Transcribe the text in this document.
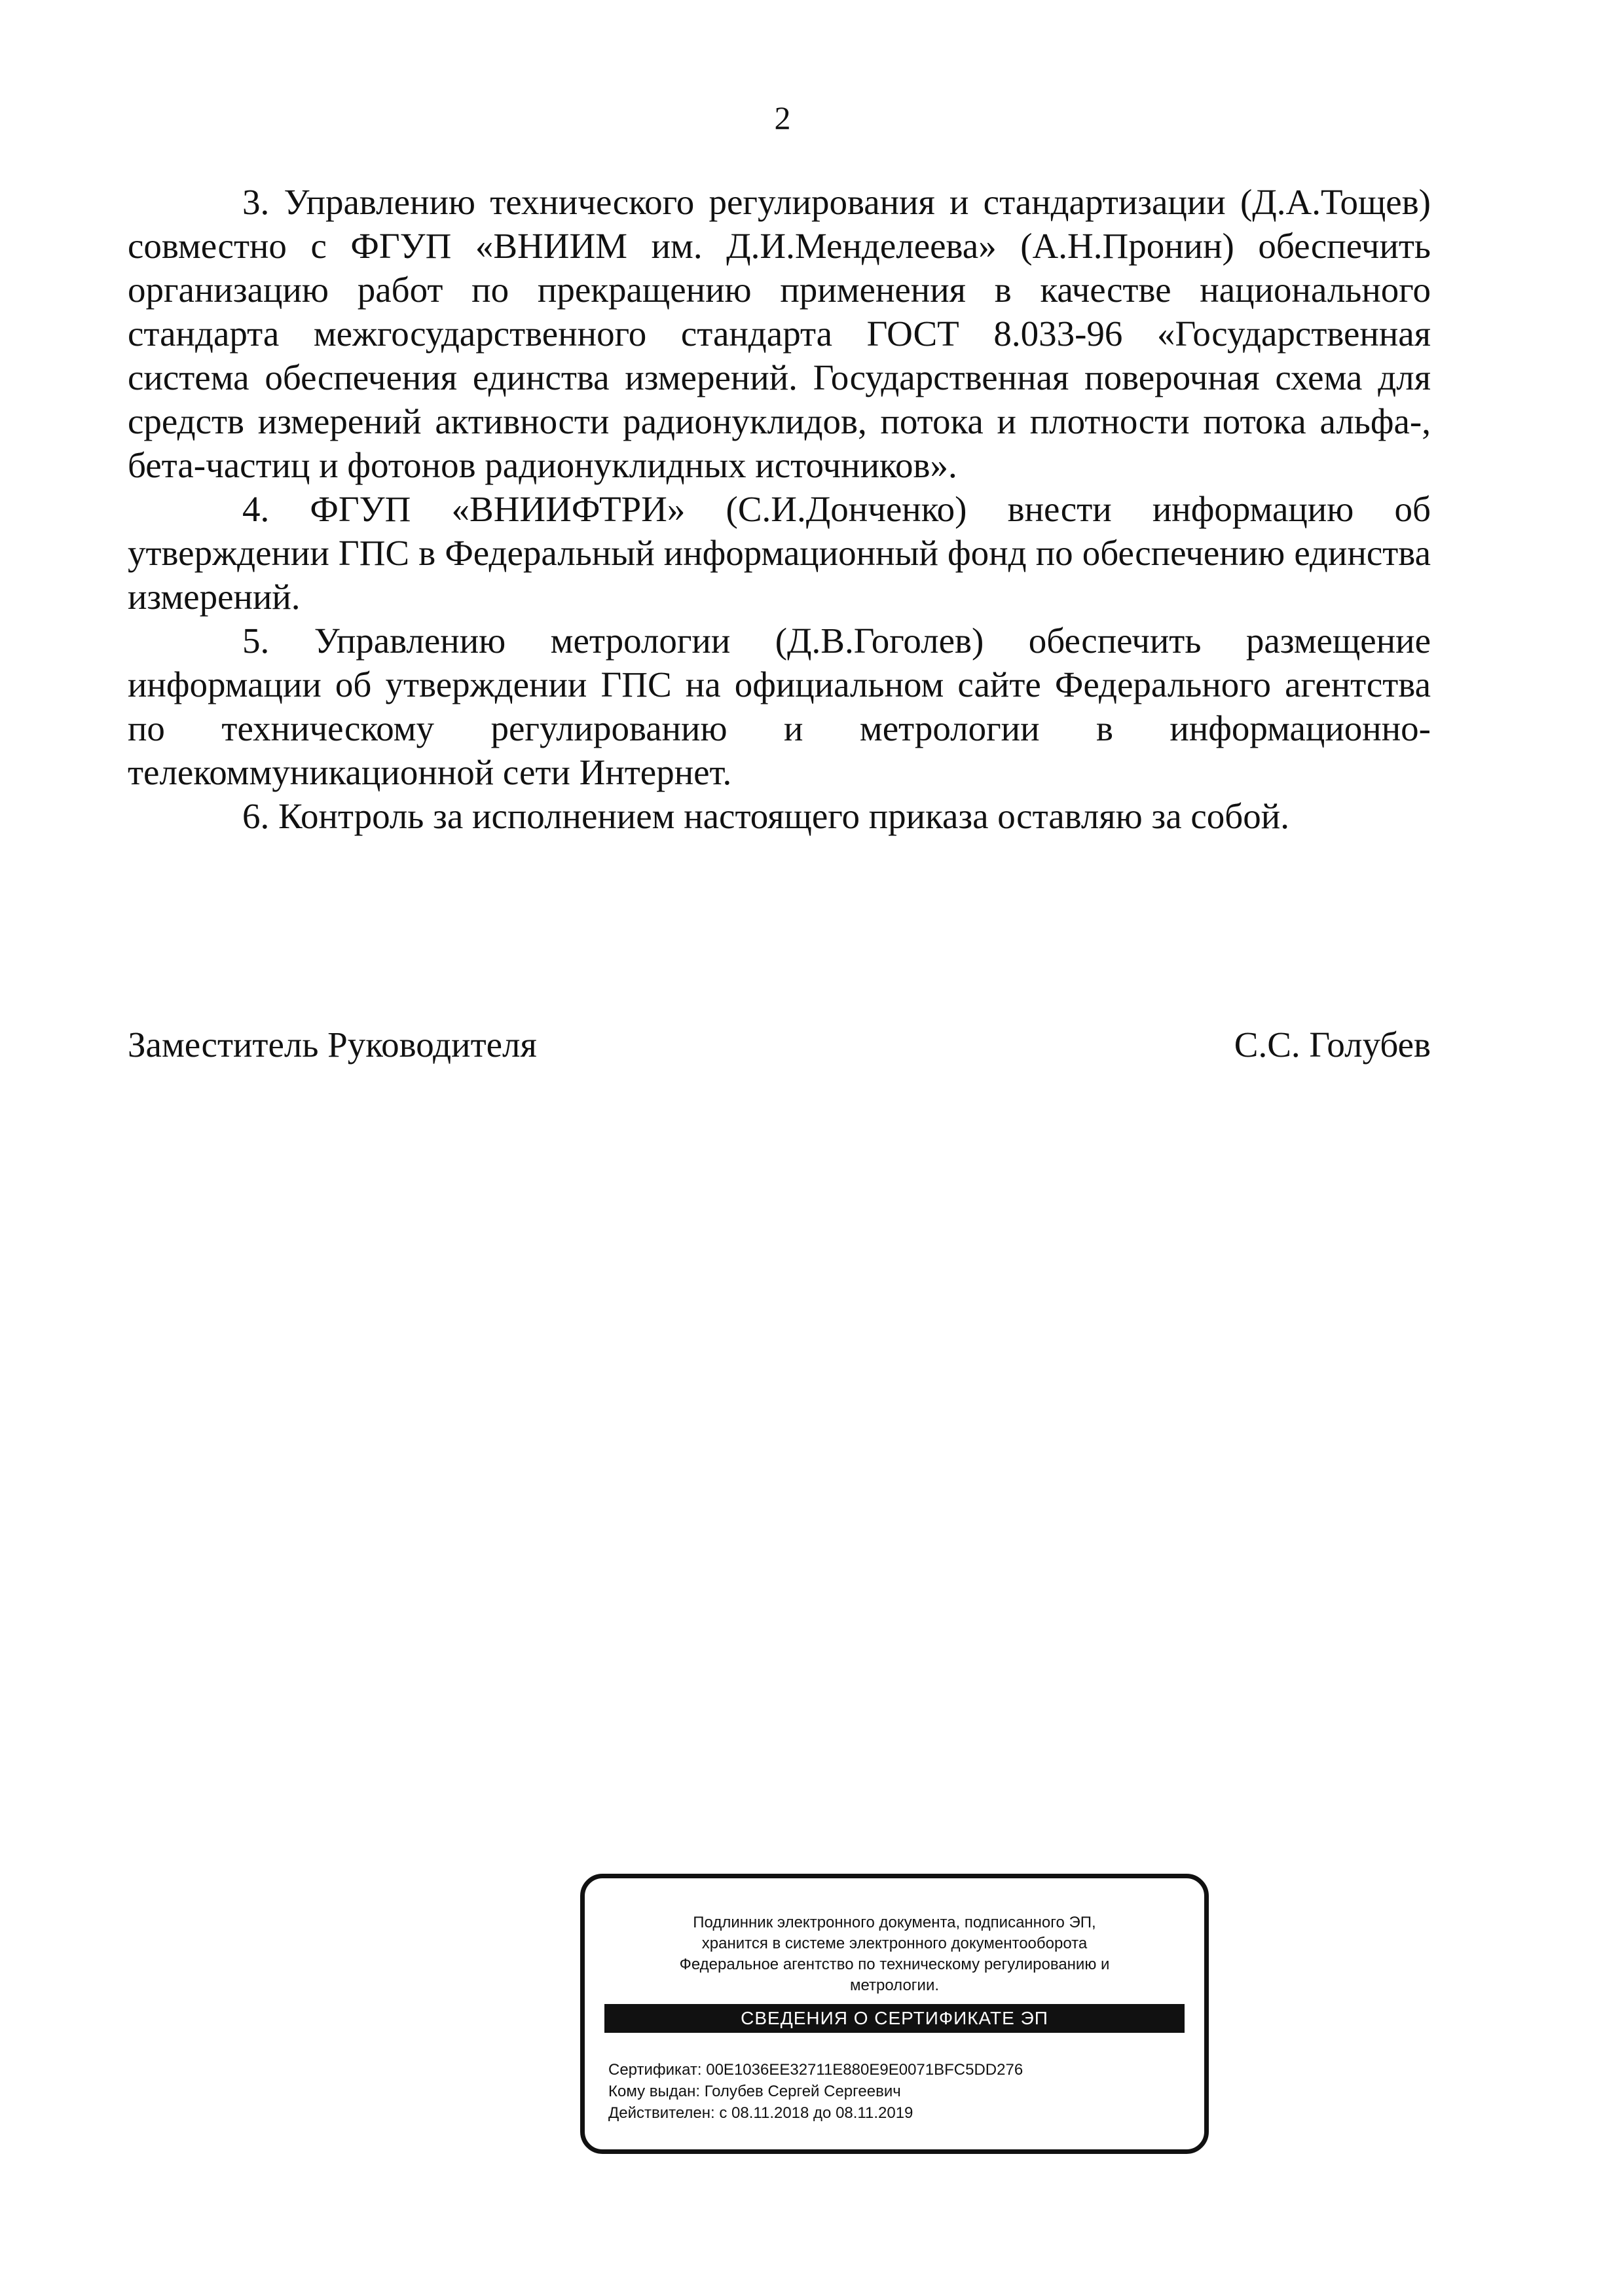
2

3. Управлению технического регулирования и стандартизации (Д.А.Тощев) совместно с ФГУП «ВНИИМ им. Д.И.Менделеева» (А.Н.Пронин) обеспечить организацию работ по прекращению применения в качестве национального стандарта межгосударственного стандарта ГОСТ 8.033-96 «Государственная система обеспечения единства измерений. Государственная поверочная схема для средств измерений активности радионуклидов, потока и плотности потока альфа-, бета-частиц и фотонов радионуклидных источников».

4. ФГУП «ВНИИФТРИ» (С.И.Донченко) внести информацию об утверждении ГПС в Федеральный информационный фонд по обеспечению единства измерений.

5. Управлению метрологии (Д.В.Гоголев) обеспечить размещение информации об утверждении ГПС на официальном сайте Федерального агентства по техническому регулированию и метрологии в информационно-телекоммуникационной сети Интернет.

6. Контроль за исполнением настоящего приказа оставляю за собой.

Заместитель Руководителя	С.С. Голубев
Подлинник электронного документа, подписанного ЭП,
хранится в системе электронного документооборота
Федеральное агентство по техническому регулированию и
метрологии.
СВЕДЕНИЯ О СЕРТИФИКАТЕ ЭП
Сертификат: 00E1036EE32711E880E9E0071BFC5DD276
Кому выдан: Голубев Сергей Сергеевич
Действителен: с 08.11.2018 до 08.11.2019
